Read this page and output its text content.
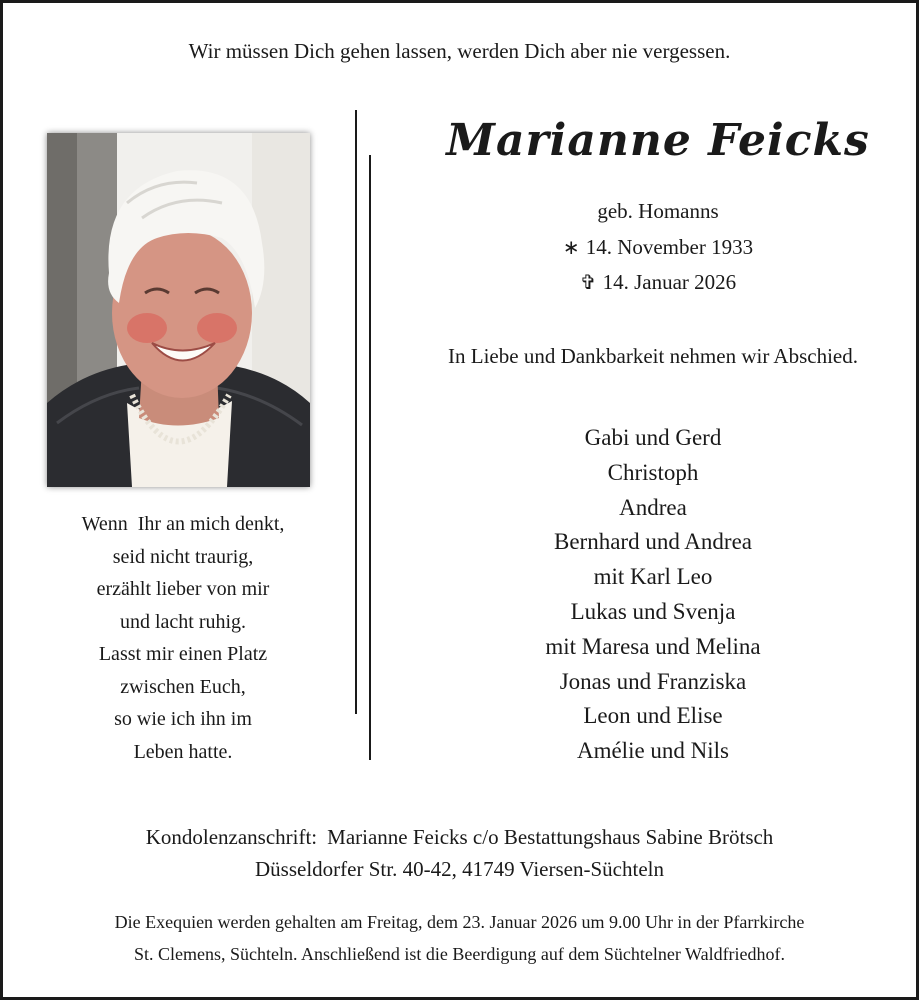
Wir müssen Dich gehen lassen, werden Dich aber nie vergessen.
Wenn  Ihr an mich denkt,
seid nicht traurig,
erzählt lieber von mir
und lacht ruhig.
Lasst mir einen Platz
zwischen Euch,
so wie ich ihn im
Leben hatte.
Marianne Feicks
geb. Homanns
∗ 14. November 1933
✞ 14. Januar 2026
In Liebe und Dankbarkeit nehmen wir Abschied.
Gabi und Gerd
Christoph
Andrea
Bernhard und Andrea
mit Karl Leo
Lukas und Svenja
mit Maresa und Melina
Jonas und Franziska
Leon und Elise
Amélie und Nils
Kondolenzanschrift: Marianne Feicks c/o Bestattungshaus Sabine Brötsch
Düsseldorfer Str. 40-42, 41749 Viersen-Süchteln
Die Exequien werden gehalten am Freitag, dem 23. Januar 2026 um 9.00 Uhr in der Pfarrkirche
St. Clemens, Süchteln. Anschließend ist die Beerdigung auf dem Süchtelner Waldfriedhof.
